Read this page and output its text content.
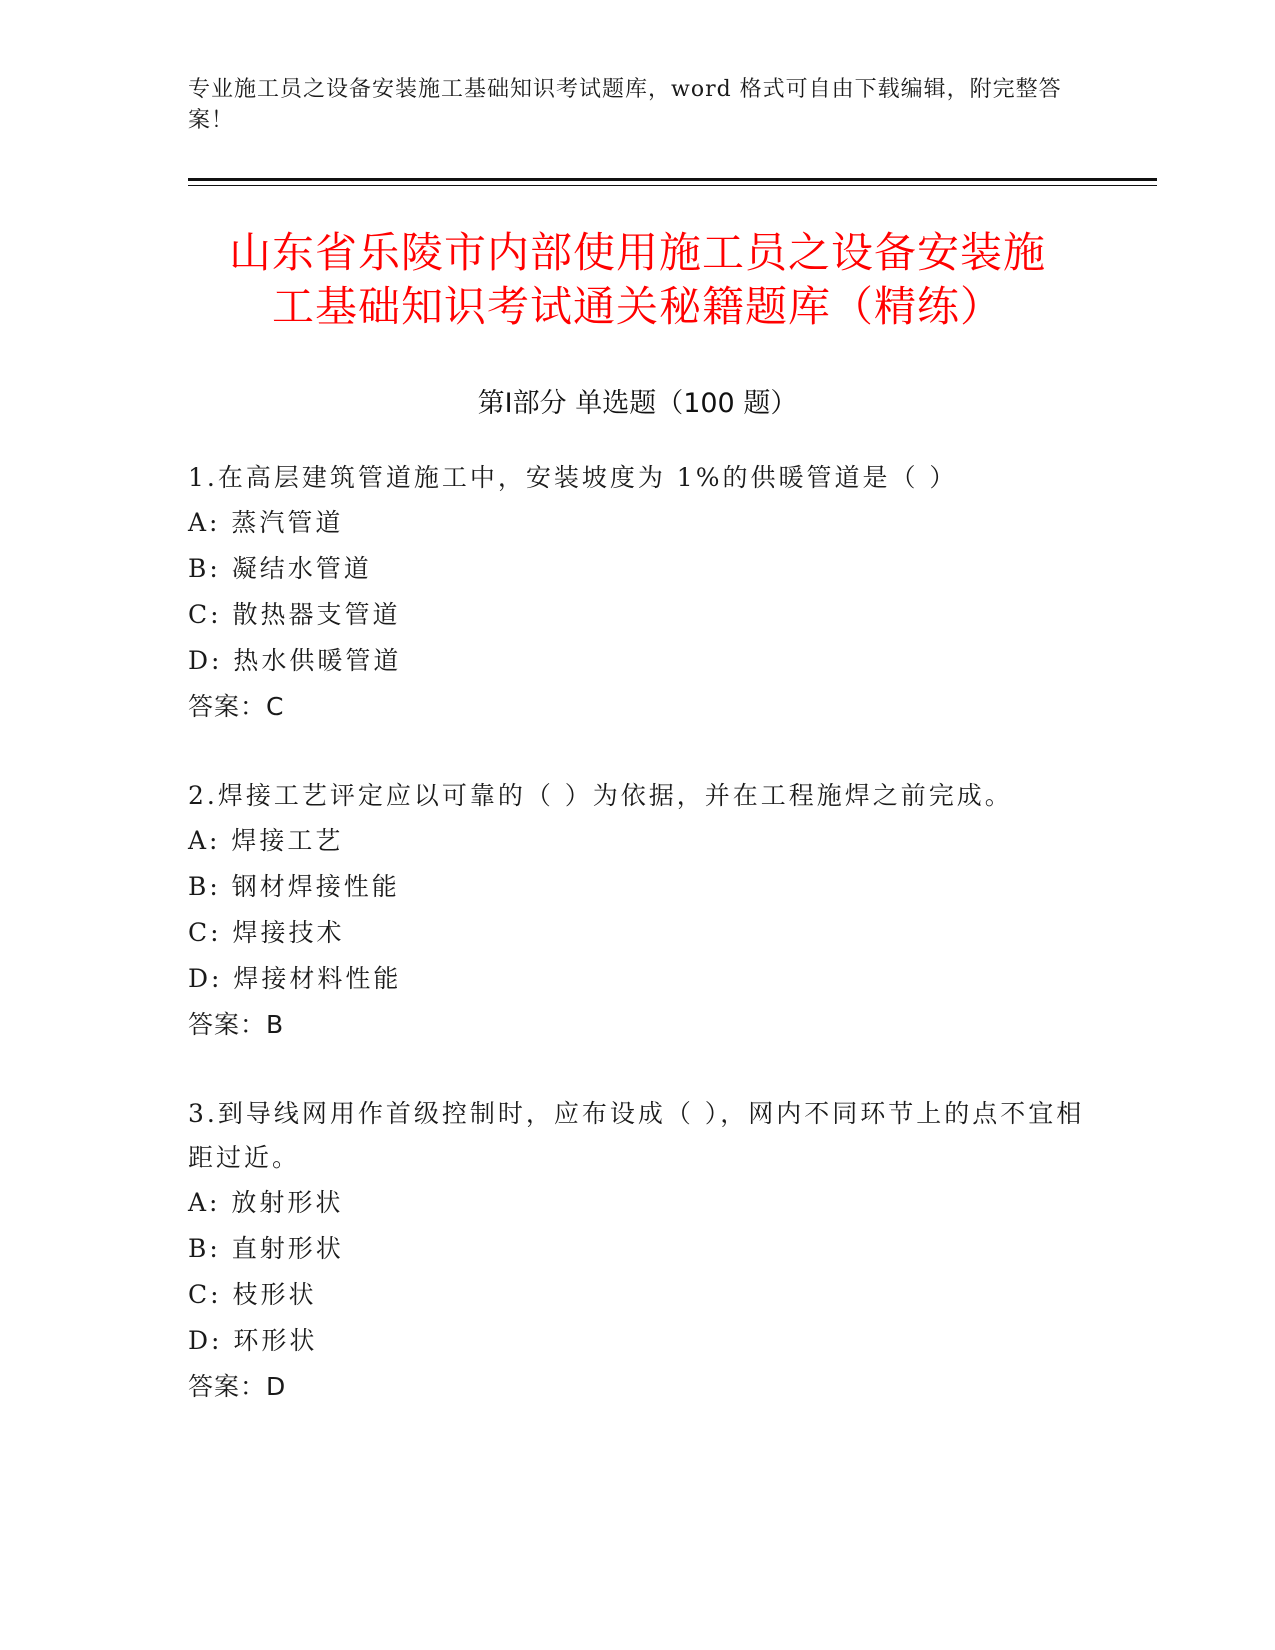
专业施工员之设备安装施工基础知识考试题库，word 格式可自由下载编辑，附完整答案！
山东省乐陵市内部使用施工员之设备安装施
工基础知识考试通关秘籍题库（精练）
第Ⅰ部分 单选题（100 题）

1.在高层建筑管道施工中，安装坡度为 1%的供暖管道是（ ）

A: 蒸汽管道

B: 凝结水管道

C: 散热器支管道

D: 热水供暖管道

答案：C

2.焊接工艺评定应以可靠的（ ）为依据，并在工程施焊之前完成。

A: 焊接工艺

B: 钢材焊接性能

C: 焊接技术

D: 焊接材料性能

答案：B

3.到导线网用作首级控制时，应布设成（ ），网内不同环节上的点不宜相距过近。

A: 放射形状

B: 直射形状

C: 枝形状

D: 环形状

答案：D
